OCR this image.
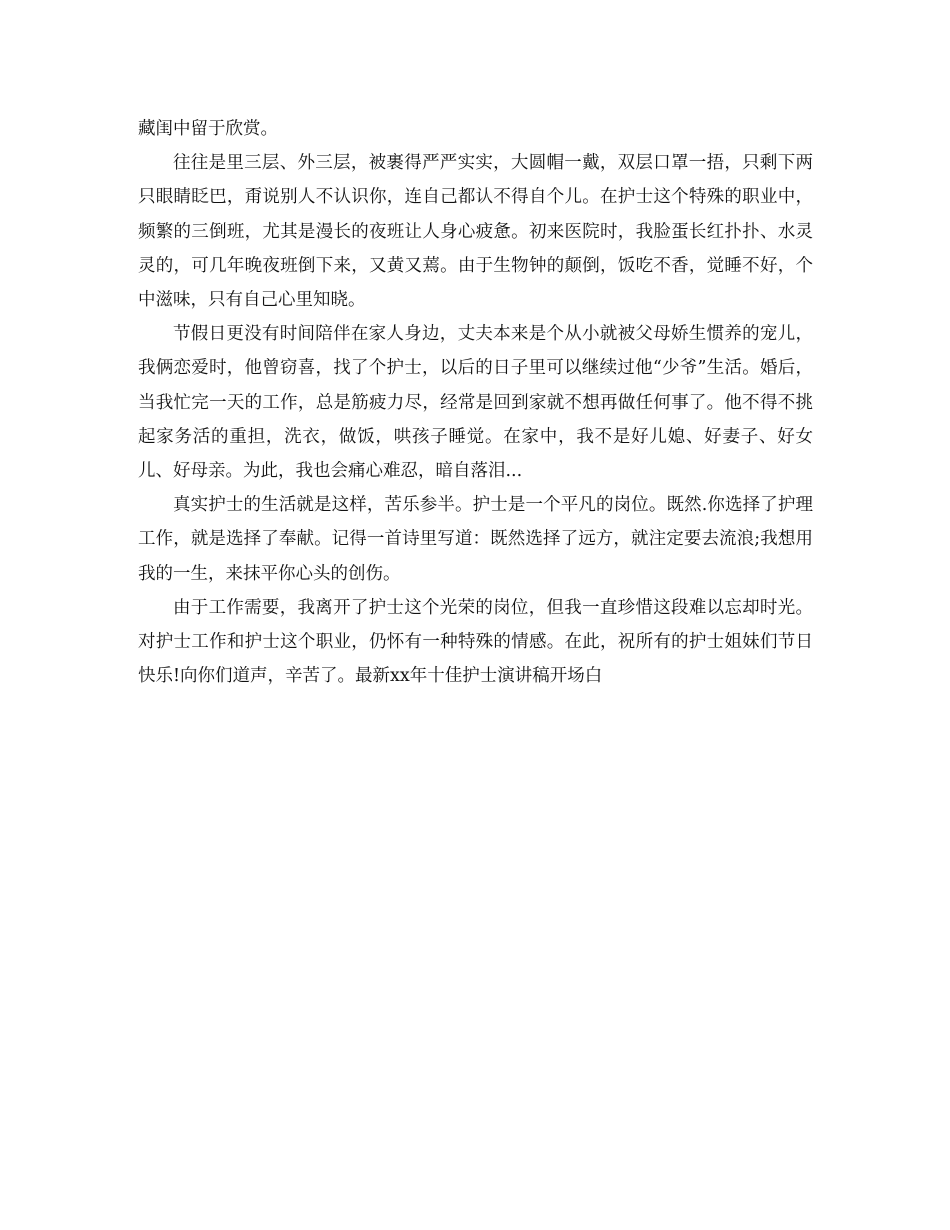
藏闺中留于欣赏。

往往是里三层、外三层，被裹得严严实实，大圆帽一戴，双层口罩一捂，只剩下两只眼睛眨巴，甭说别人不认识你，连自己都认不得自个儿。在护士这个特殊的职业中，频繁的三倒班，尤其是漫长的夜班让人身心疲惫。初来医院时，我脸蛋长红扑扑、水灵灵的，可几年晚夜班倒下来，又黄又蔫。由于生物钟的颠倒，饭吃不香，觉睡不好，个中滋味，只有自己心里知晓。

节假日更没有时间陪伴在家人身边，丈夫本来是个从小就被父母娇生惯养的宠儿，我俩恋爱时，他曾窃喜，找了个护士，以后的日子里可以继续过他“少爷”生活。婚后，当我忙完一天的工作，总是筋疲力尽，经常是回到家就不想再做任何事了。他不得不挑起家务活的重担，洗衣，做饭，哄孩子睡觉。在家中，我不是好儿媳、好妻子、好女儿、好母亲。为此，我也会痛心难忍，暗自落泪...

真实护士的生活就是这样，苦乐参半。护士是一个平凡的岗位。既然.你选择了护理工作，就是选择了奉献。记得一首诗里写道：既然选择了远方，就注定要去流浪;我想用我的一生，来抹平你心头的创伤。

由于工作需要，我离开了护士这个光荣的岗位，但我一直珍惜这段难以忘却时光。对护士工作和护士这个职业，仍怀有一种特殊的情感。在此，祝所有的护士姐妹们节日快乐!向你们道声，辛苦了。最新xx年十佳护士演讲稿开场白
